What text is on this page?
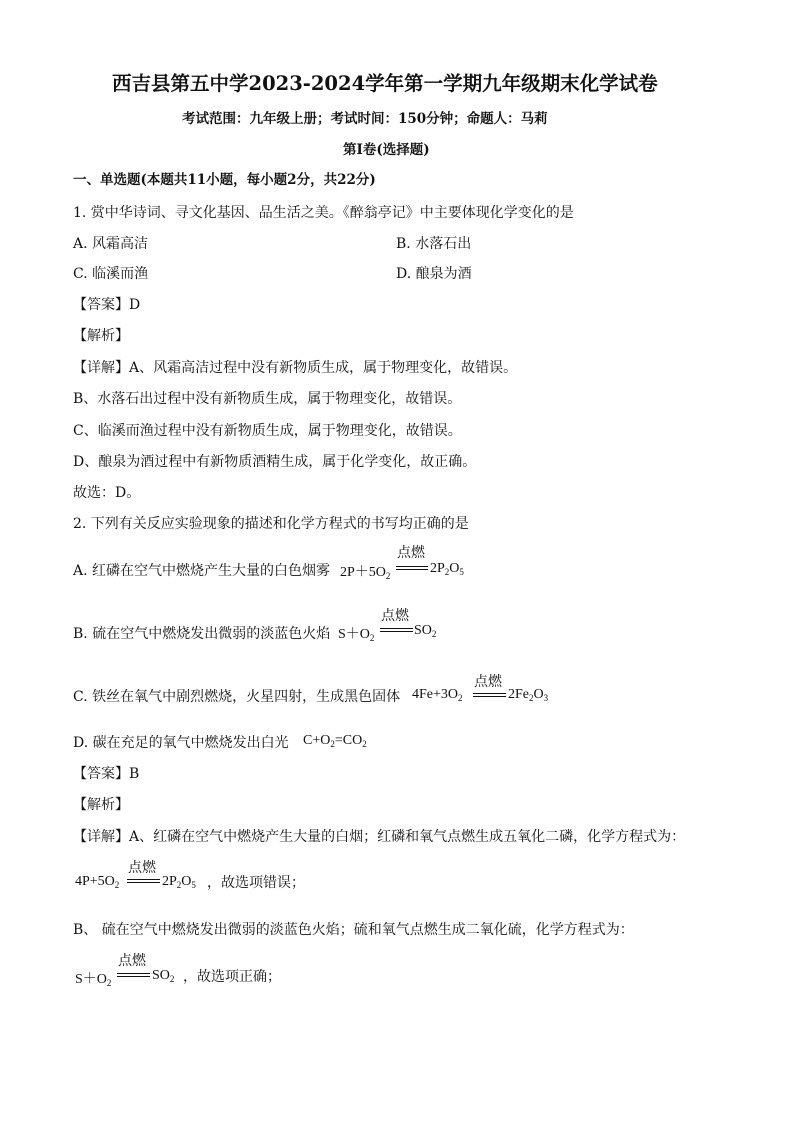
西吉县第五中学2023-2024学年第一学期九年级期末化学试卷
考试范围：九年级上册；考试时间：150分钟；命题人：马莉
第I卷(选择题)
一、单选题(本题共11小题，每小题2分，共22分)
1. 赏中华诗词、寻文化基因、品生活之美。《醉翁亭记》中主要体现化学变化的是
A. 风霜高洁	B. 水落石出
C. 临溪而渔	D. 酿泉为酒
【答案】D
【解析】
【详解】A、风霜高洁过程中没有新物质生成，属于物理变化，故错误。
B、水落石出过程中没有新物质生成，属于物理变化，故错误。
C、临溪而渔过程中没有新物质生成，属于物理变化，故错误。
D、酿泉为酒过程中有新物质酒精生成，属于化学变化，故正确。
故选：D。
2. 下列有关反应实验现象的描述和化学方程式的书写均正确的是
A. 红磷在空气中燃烧产生大量的白色烟雾 $2P+5O_2$
点燃
$2P_2O_5$
B. 硫在空气中燃烧发出微弱的淡蓝色火焰 $S+O_2$
点燃
$SO_2$
C. 铁丝在氧气中剧烈燃烧，火星四射，生成黑色固体 $4Fe+3O_2$
点燃
$2Fe_2O_3$
D. 碳在充足的氧气中燃烧发出白光 $C+O_2=CO_2$
【答案】B
【解析】
【详解】A、红磷在空气中燃烧产生大量的白烟；红磷和氧气点燃生成五氧化二磷，化学方程式为：
$4P+5O_2$
点燃
$2P_2O_5$ ，故选项错误；
B、 硫在空气中燃烧发出微弱的淡蓝色火焰；硫和氧气点燃生成二氧化硫，化学方程式为：
$S+O_2$
点燃
$SO_2$ ，故选项正确；
